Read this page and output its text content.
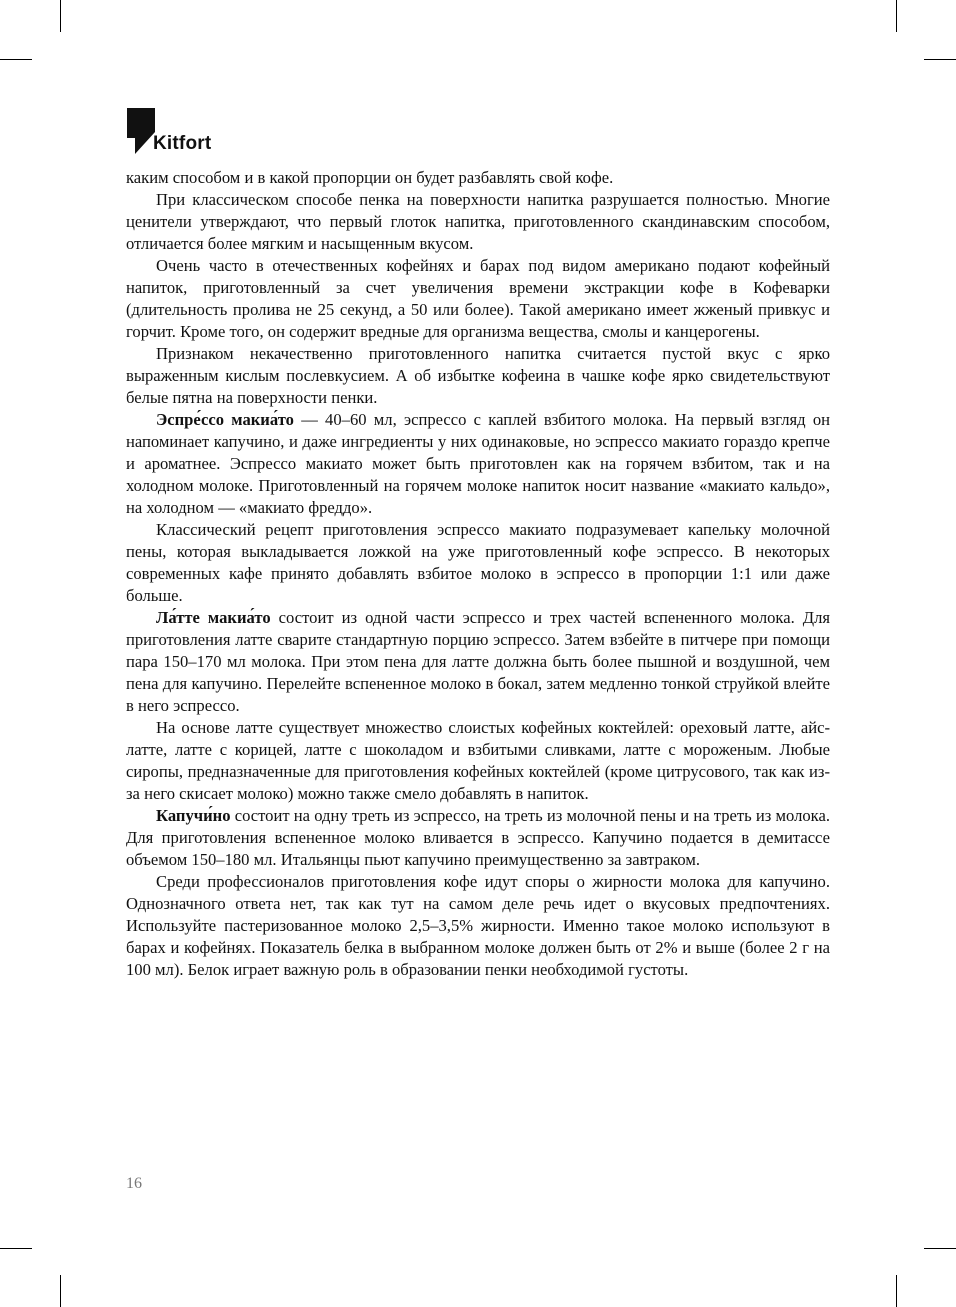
Kitfort

каким способом и в какой пропорции он будет разбавлять свой кофе.

При классическом способе пенка на поверхности напитка разрушается полностью. Многие ценители утверждают, что первый глоток напитка, приготовленного скандинавским способом, отличается более мягким и насыщенным вкусом.

Очень часто в отечественных кофейнях и барах под видом американо подают кофейный напиток, приготовленный за счет увеличения времени экстракции кофе в Кофеварки (длительность пролива не 25 секунд, а 50 или более). Такой американо имеет жженый привкус и горчит. Кроме того, он содержит вредные для организма вещества, смолы и канцерогены.

Признаком некачественно приготовленного напитка считается пустой вкус с ярко выраженным кислым послевкусием. А об избытке кофеина в чашке кофе ярко свидетельствуют белые пятна на поверхности пенки.

Эспре́ссо макиа́то — 40–60 мл, эспрессо с каплей взбитого молока. На первый взгляд он напоминает капучино, и даже ингредиенты у них одинаковые, но эспрессо макиато гораздо крепче и ароматнее. Эспрессо макиато может быть приготовлен как на горячем взбитом, так и на холодном молоке. Приготовленный на горячем молоке напиток носит название «макиато кальдо», на холодном — «макиато фреддо».

Классический рецепт приготовления эспрессо макиато подразумевает капельку молочной пены, которая выкладывается ложкой на уже приготовленный кофе эспрессо. В некоторых современных кафе принято добавлять взбитое молоко в эспрессо в пропорции 1:1 или даже больше.

Ла́тте макиа́то состоит из одной части эспрессо и трех частей вспененного молока. Для приготовления латте сварите стандартную порцию эспрессо. Затем взбейте в питчере при помощи пара 150–170 мл молока. При этом пена для латте должна быть более пышной и воздушной, чем пена для капучино. Перелейте вспененное молоко в бокал, затем медленно тонкой струйкой влейте в него эспрессо.

На основе латте существует множество слоистых кофейных коктейлей: ореховый латте, айс-латте, латте с корицей, латте с шоколадом и взбитыми сливками, латте с мороженым. Любые сиропы, предназначенные для приготовления кофейных коктейлей (кроме цитрусового, так как из-за него скисает молоко) можно также смело добавлять в напиток.

Капучи́но состоит на одну треть из эспрессо, на треть из молочной пены и на треть из молока. Для приготовления вспененное молоко вливается в эспрессо. Капучино подается в демитассе объемом 150–180 мл. Итальянцы пьют капучино преимущественно за завтраком.

Среди профессионалов приготовления кофе идут споры о жирности молока для капучино. Однозначного ответа нет, так как тут на самом деле речь идет о вкусовых предпочтениях. Используйте пастеризованное молоко 2,5–3,5% жирности. Именно такое молоко используют в барах и кофейнях. Показатель белка в выбранном молоке должен быть от 2% и выше (более 2 г на 100 мл). Белок играет важную роль в образовании пенки необходимой густоты.

16
